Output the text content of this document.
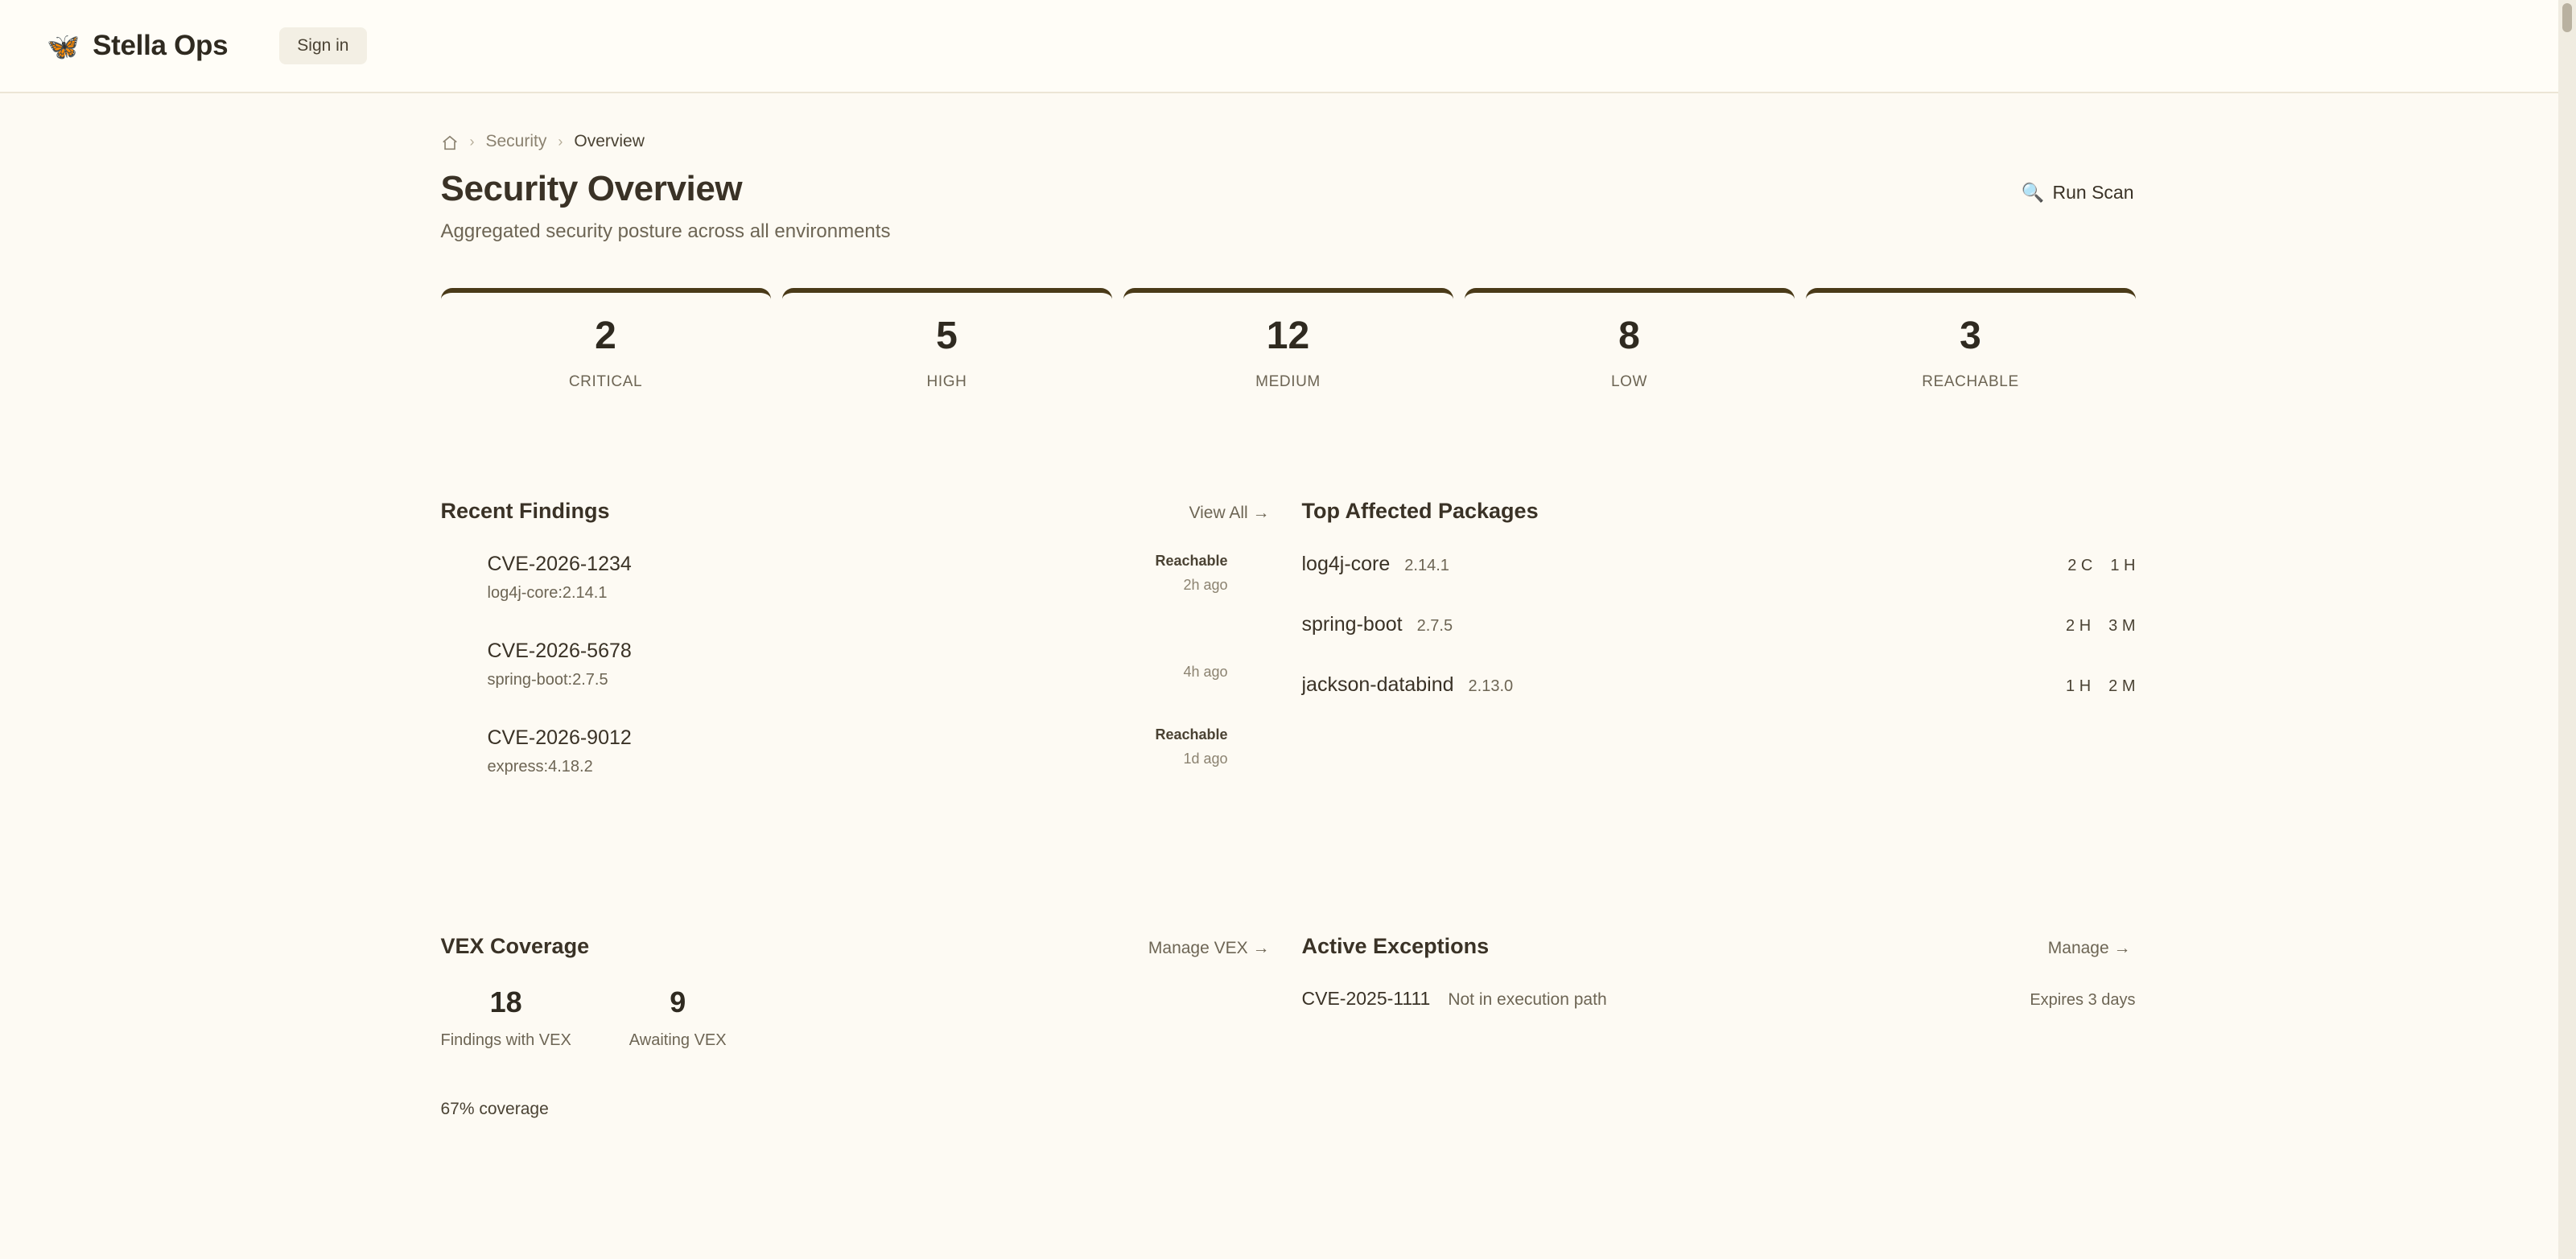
🦋 Stella Ops	Sign in
› Security › Overview
Security Overview

Aggregated security posture across all environments

🔍 Run Scan
2
CRITICAL
5
HIGH
12
MEDIUM
8
LOW
3
REACHABLE
Recent Findings	View All →
CVE-2026-1234
log4j-core:2.14.1
Reachable
2h ago
CVE-2026-5678
spring-boot:2.7.5	4h ago
CVE-2026-9012
express:4.18.2
Reachable
1d ago
Top Affected Packages
log4j-core 2.14.1	2 C 1 H
spring-boot 2.7.5	2 H 3 M
jackson-databind 2.13.0	1 H 2 M
VEX Coverage	Manage VEX →
18
Findings with VEX
9
Awaiting VEX
67% coverage
Active Exceptions	Manage →
CVE-2025-1111 Not in execution path	Expires 3 days
